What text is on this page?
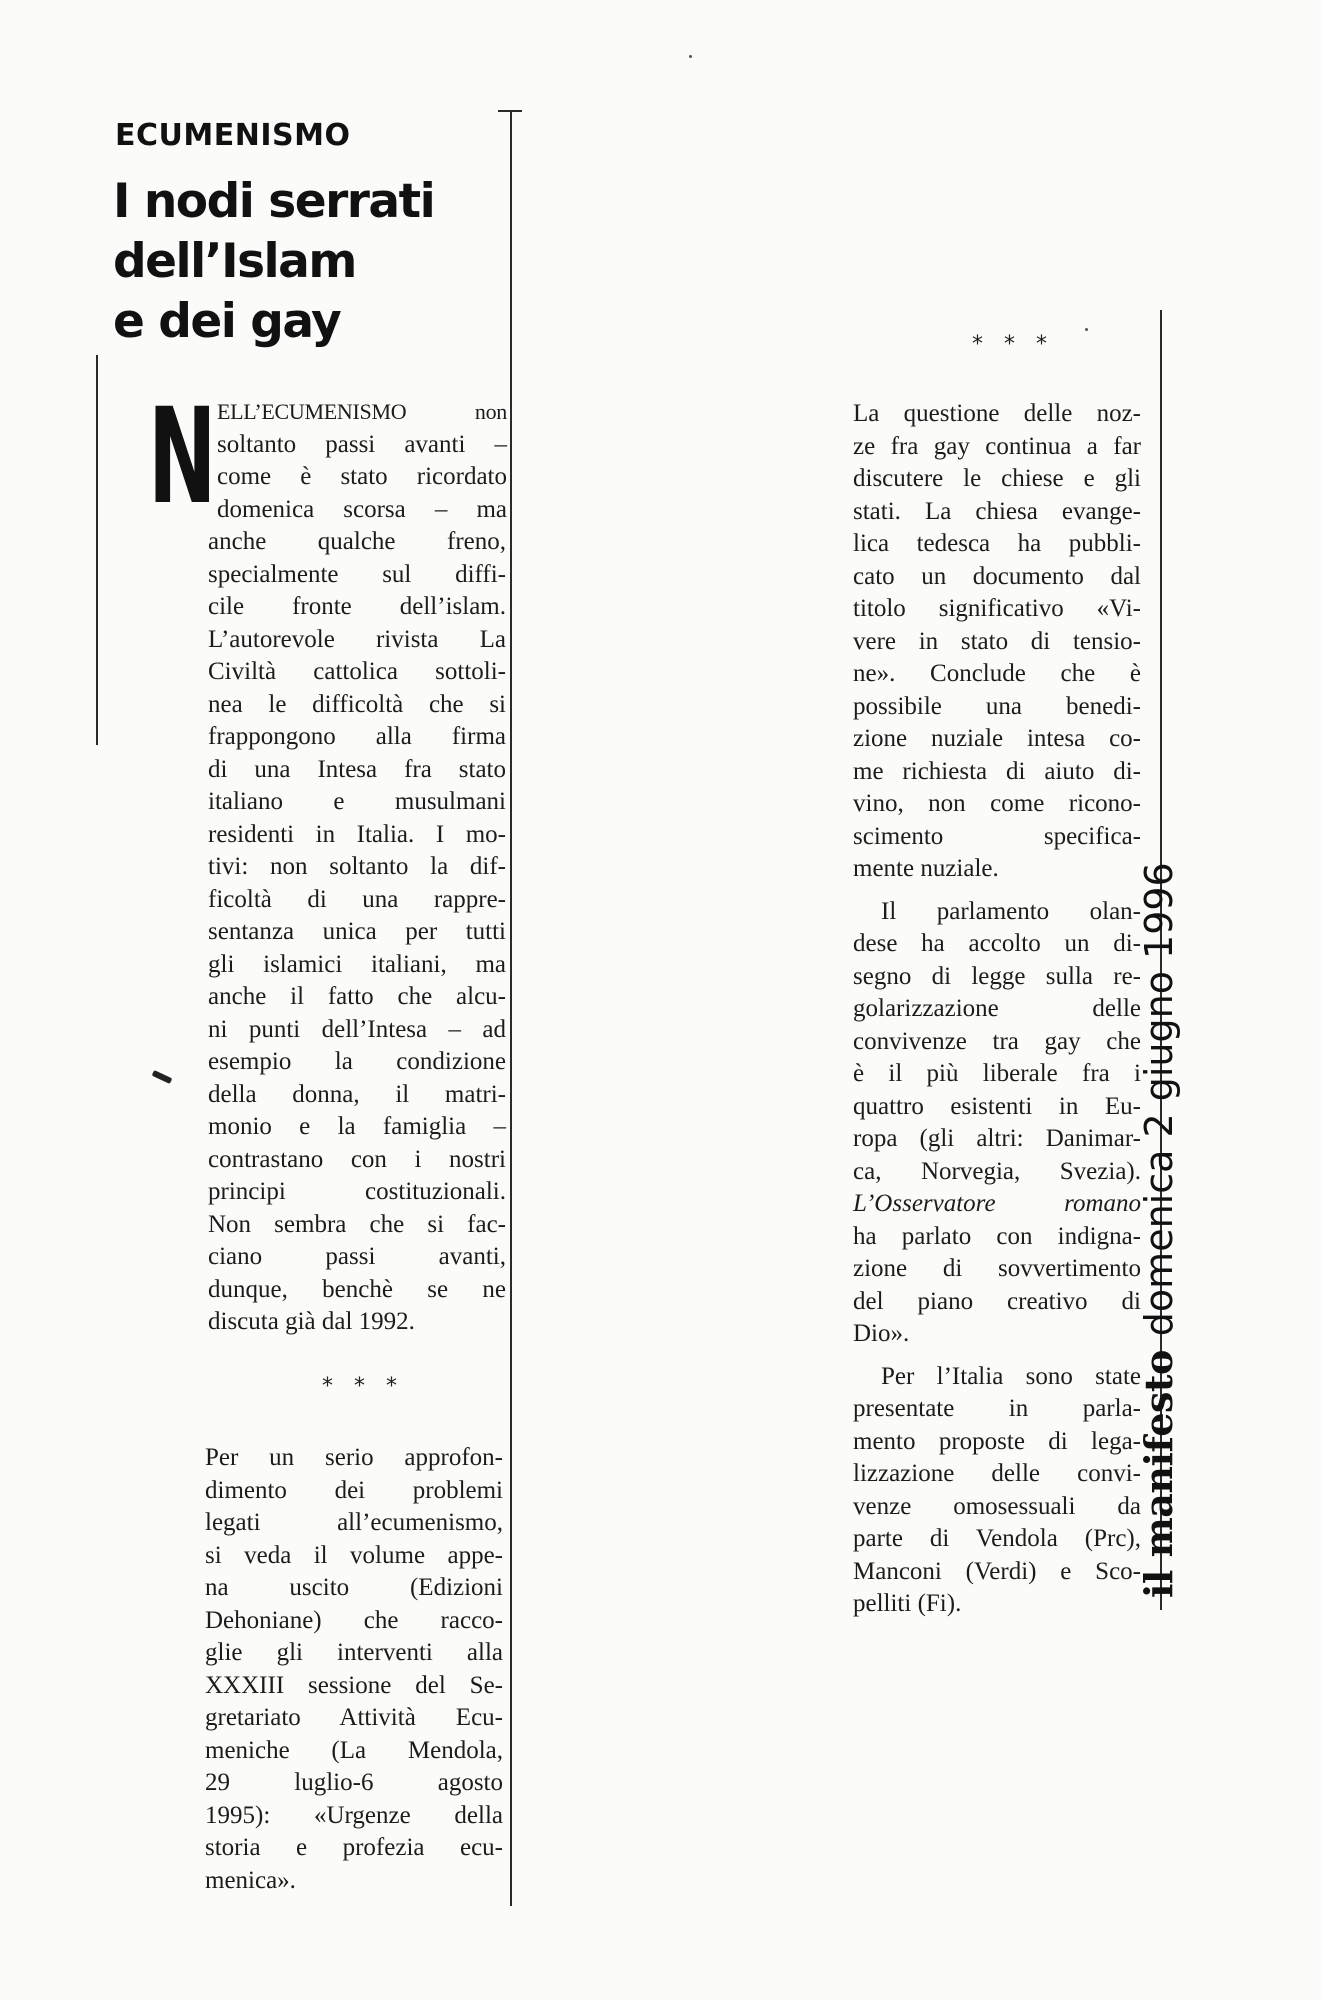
ECUMENISMO
I nodi serrati
dell’Islam
e dei gay
N ELL’ECUMENISMO non
soltanto passi avanti –
come è stato ricordato
domenica scorsa – ma
anche qualche freno,
specialmente sul diffi-
cile fronte dell’islam.
L’autorevole rivista La
Civiltà cattolica sottoli-
nea le difficoltà che si
frappongono alla firma
di una Intesa fra stato
italiano e musulmani
residenti in Italia. I mo-
tivi: non soltanto la dif-
ficoltà di una rappre-
sentanza unica per tutti
gli islamici italiani, ma
anche il fatto che alcu-
ni punti dell’Intesa – ad
esempio la condizione
della donna, il matri-
monio e la famiglia –
contrastano con i nostri
principi costituzionali.
Non sembra che si fac-
ciano passi avanti,
dunque, benchè se ne
discuta già dal 1992.
* * *
Per un serio approfon-
dimento dei problemi
legati all’ecumenismo,
si veda il volume appe-
na uscito (Edizioni
Dehoniane) che racco-
glie gli interventi alla
XXXIII sessione del Se-
gretariato Attività Ecu-
meniche (La Mendola,
29 luglio-6 agosto
1995): «Urgenze della
storia e profezia ecu-
menica».
* * *
La questione delle noz-
ze fra gay continua a far
discutere le chiese e gli
stati. La chiesa evange-
lica tedesca ha pubbli-
cato un documento dal
titolo significativo «Vi-
vere in stato di tensio-
ne». Conclude che è
possibile una benedi-
zione nuziale intesa co-
me richiesta di aiuto di-
vino, non come ricono-
scimento specifica-
mente nuziale.
Il parlamento olan-
dese ha accolto un di-
segno di legge sulla re-
golarizzazione delle
convivenze tra gay che
è il più liberale fra i
quattro esistenti in Eu-
ropa (gli altri: Danimar-
ca, Norvegia, Svezia).
L’Osservatore romano
ha parlato con indigna-
zione di sovvertimento
del piano creativo di
Dio».
Per l’Italia sono state
presentate in parla-
mento proposte di lega-
lizzazione delle convi-
venze omosessuali da
parte di Vendola (Prc),
Manconi (Verdi) e Sco-
pelliti (Fi).
il manifestodomenica 2 giugno 1996
